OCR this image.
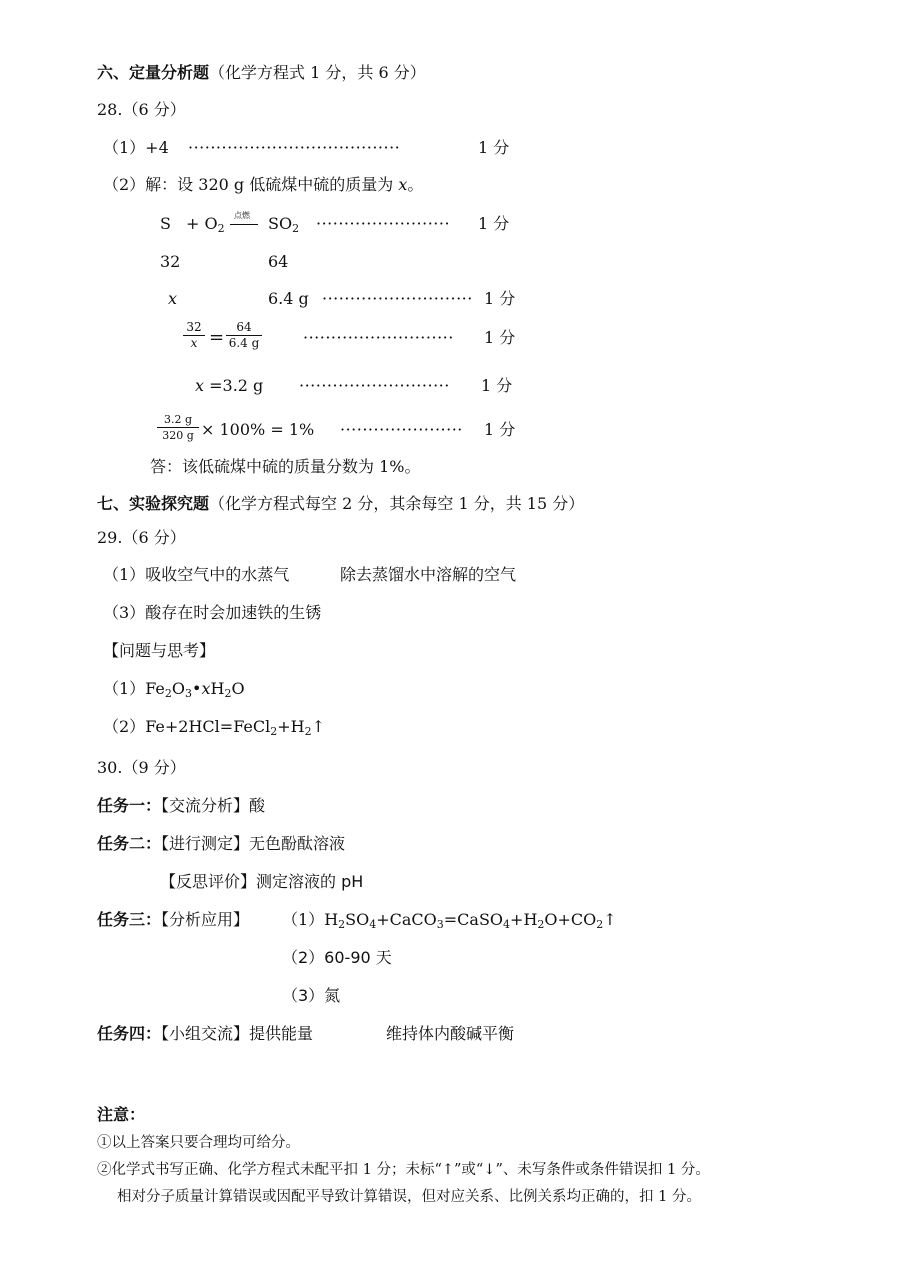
六、定量分析题（化学方程式 1 分，共 6 分）
28.（6 分）
（1）+4 ······································	1 分
（2）解：设 320 g 低硫煤中硫的质量为 x。
$S + O_2$
点燃 $SO_2$ ························ 1 分
32	64
x	6.4 g ··························· 1 分
32
x =	64
6.4 g	··························· 1 分
x =3.2 g ··························· 1 分
3.2 g
320 g × 100% = 1% ······················ 1 分
答：该低硫煤中硫的质量分数为 1%。
七、实验探究题（化学方程式每空 2 分，其余每空 1 分，共 15 分）
29.（6 分）
（1）吸收空气中的水蒸气	除去蒸馏水中溶解的空气
（3）酸存在时会加速铁的生锈
【问题与思考】
$(1)Fe_2O_3•xH_2O$
$(2)Fe+2HCl=FeCl_2+H_2↑$
30.（9 分）
任务一：【交流分析】酸
任务二：【进行测定】无色酚酞溶液
【反思评价】测定溶液的 pH
任务三：【分析应用】 $(1)H_2SO_4+CaCO_3=CaSO_4+H_2O+CO_2↑$
（2）60-90 天
（3）氮
任务四：【小组交流】提供能量	维持体内酸碱平衡
注意：
①以上答案只要合理均可给分。
②化学式书写正确、化学方程式未配平扣 1 分；未标“↑”或“↓”、未写条件或条件错误扣 1 分。
相对分子质量计算错误或因配平导致计算错误，但对应关系、比例关系均正确的，扣 1 分。
